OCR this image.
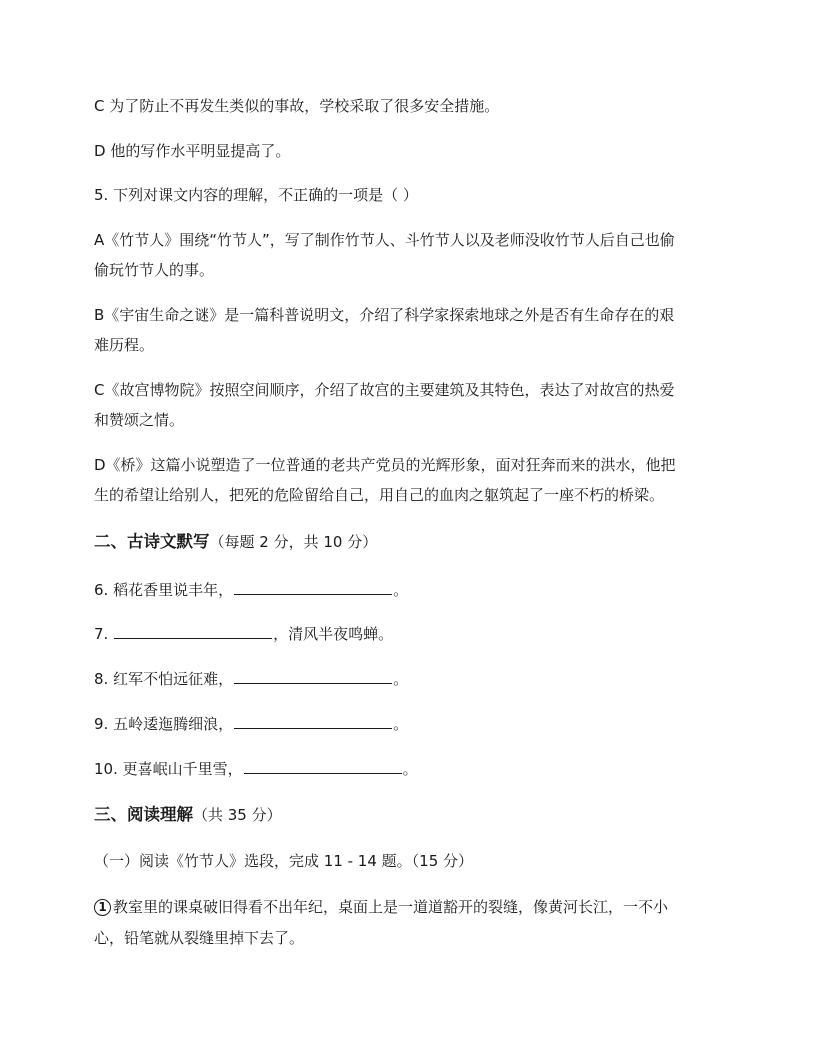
C 为了防止不再发生类似的事故，学校采取了很多安全措施。
D 他的写作水平明显提高了。
5. 下列对课文内容的理解，不正确的一项是（ ）
A《竹节人》围绕“竹节人”，写了制作竹节人、斗竹节人以及老师没收竹节人后自己也偷
偷玩竹节人的事。
B《宇宙生命之谜》是一篇科普说明文，介绍了科学家探索地球之外是否有生命存在的艰
难历程。
C《故宫博物院》按照空间顺序，介绍了故宫的主要建筑及其特色，表达了对故宫的热爱
和赞颂之情。
D《桥》这篇小说塑造了一位普通的老共产党员的光辉形象，面对狂奔而来的洪水，他把
生的希望让给别人，把死的危险留给自己，用自己的血肉之躯筑起了一座不朽的桥梁。
二、古诗文默写（每题 2 分，共 10 分）
6. 稻花香里说丰年，	。
7.	，清风半夜鸣蝉。
8. 红军不怕远征难，	。
9. 五岭逶迤腾细浪，	。
10. 更喜岷山千里雪，	。
三、阅读理解（共 35 分）
（一）阅读《竹节人》选段，完成 11 - 14 题。（15 分）
1 教室里的课桌破旧得看不出年纪，桌面上是一道道豁开的裂缝，像黄河长江，一不小
心，铅笔就从裂缝里掉下去了。
